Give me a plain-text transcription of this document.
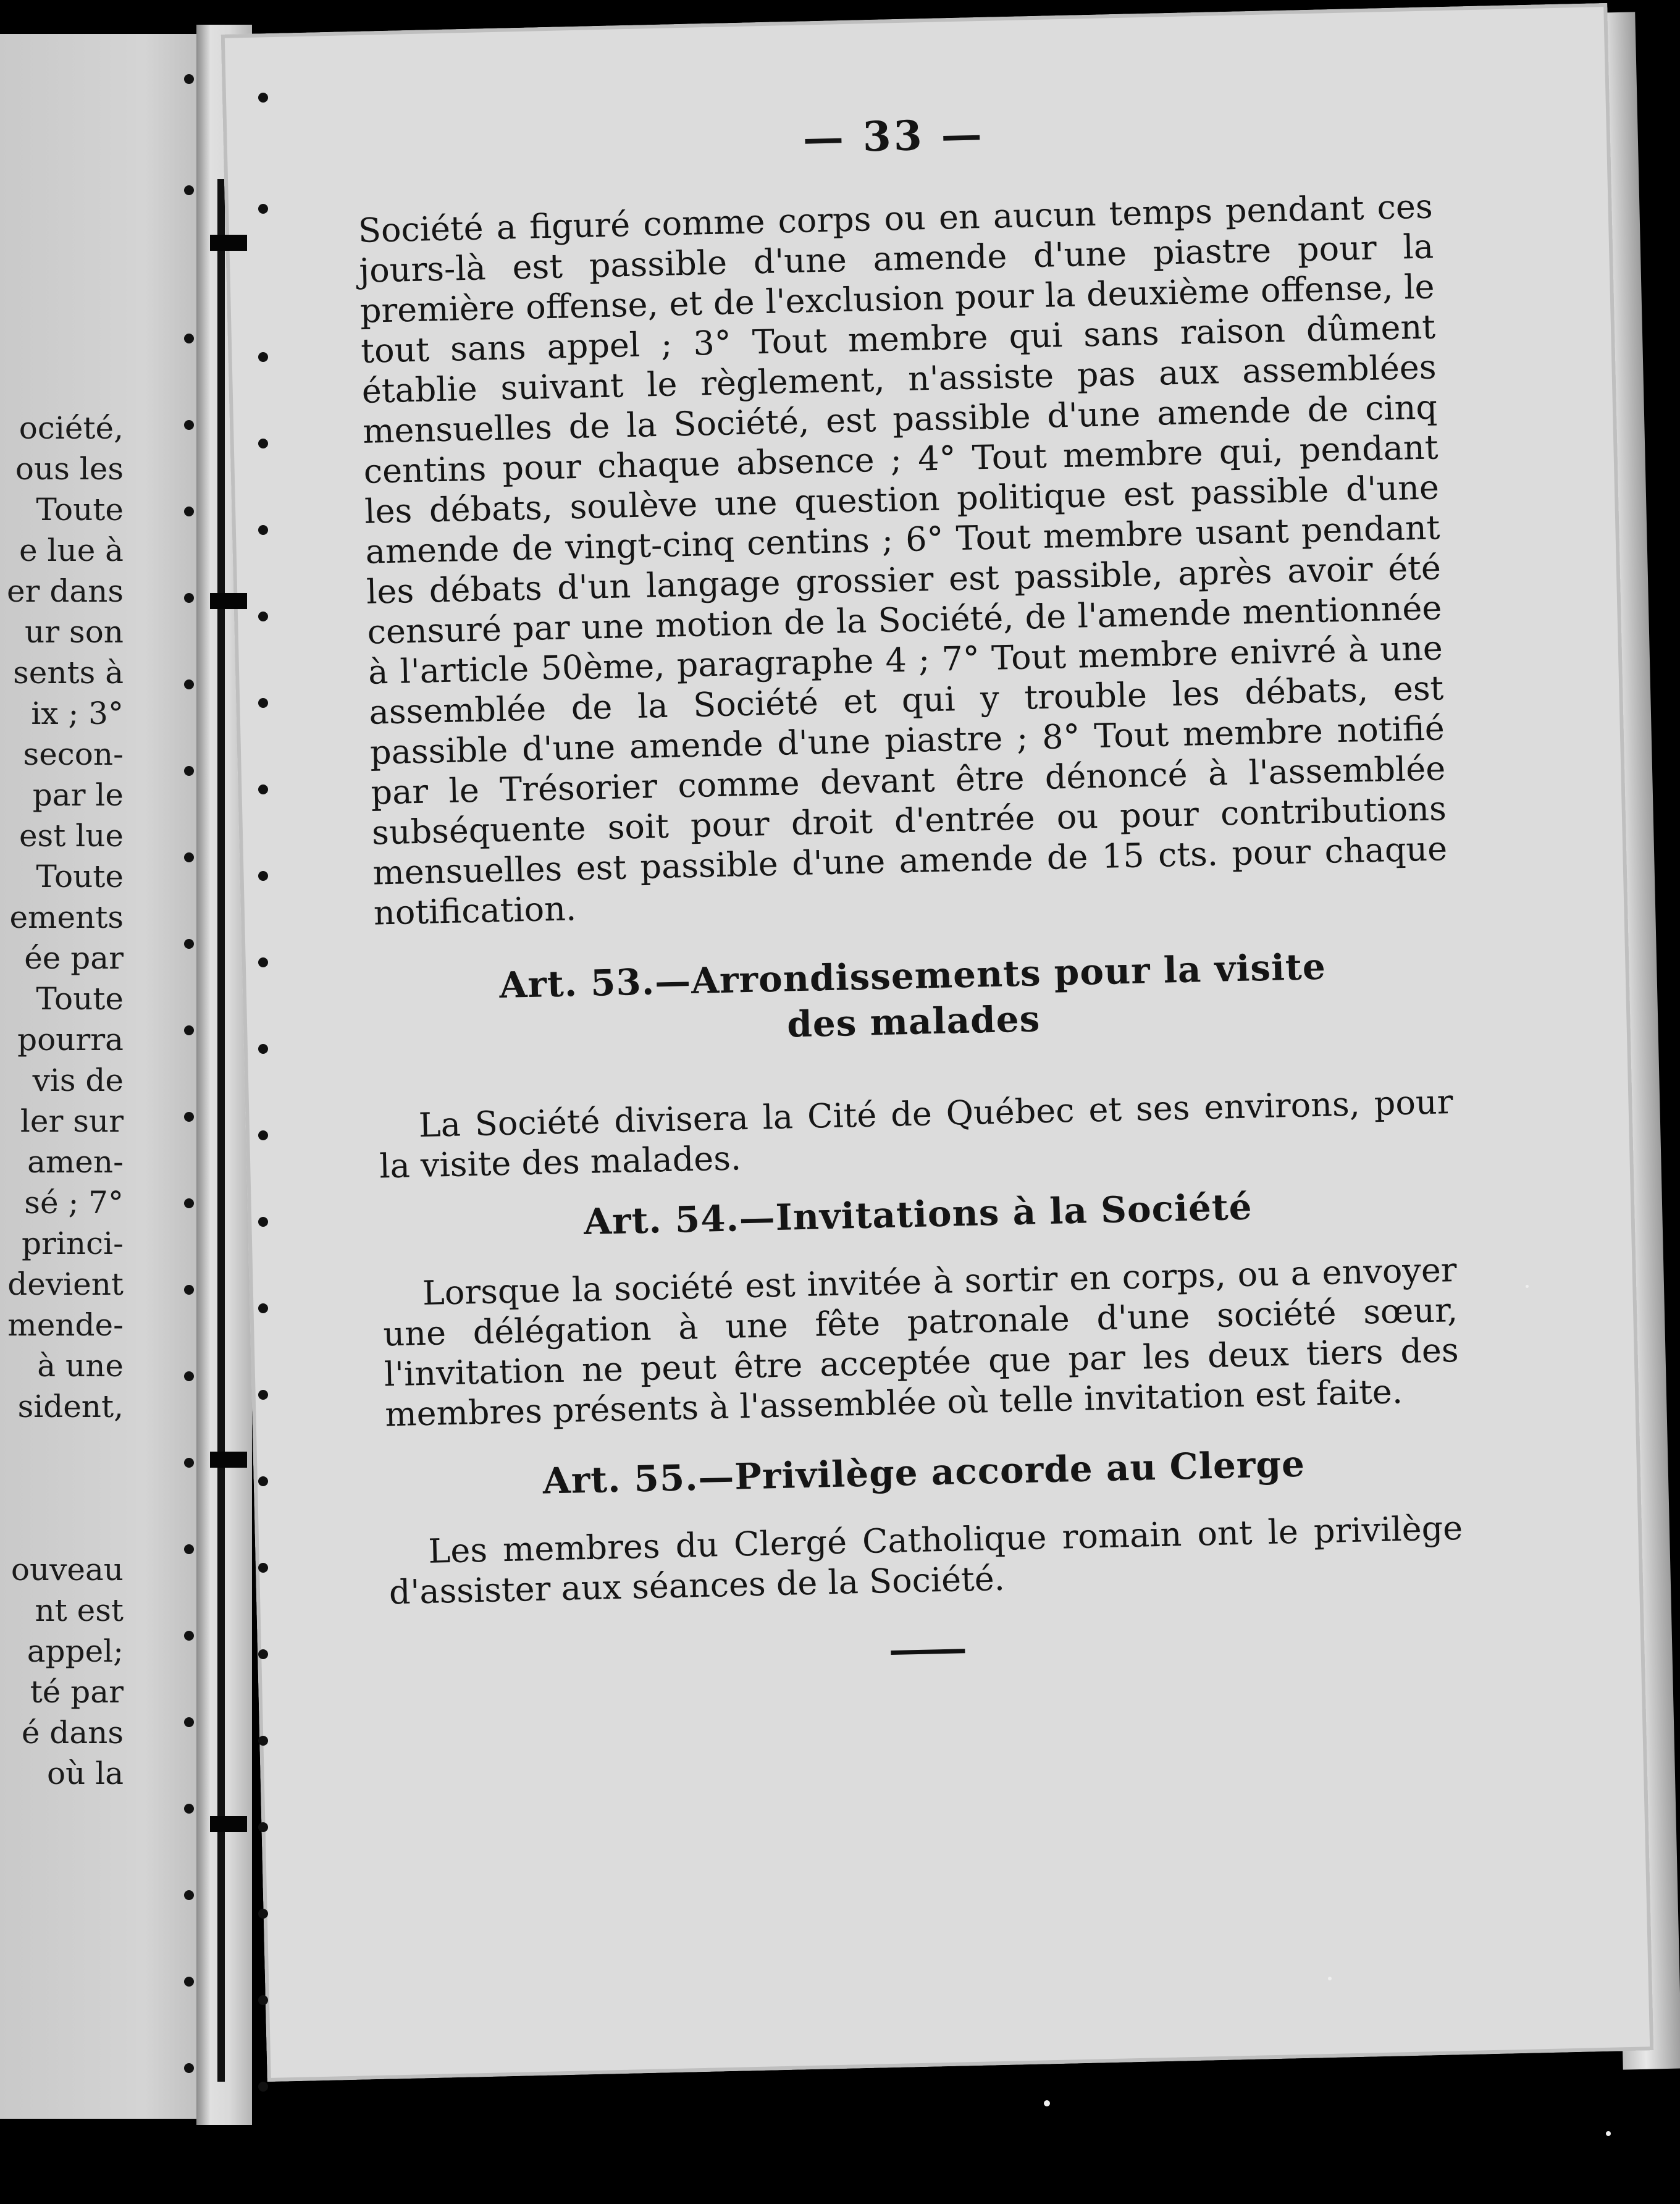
ociété,
ous les
Toute
e lue à
er dans
ur son
sents à
ix ; 3°
secon-
par le
est lue
Toute
ements
ée par
Toute
pourra
vis de
ler sur
amen-
sé ; 7°
princi-
devient
mende-
à une
sident,
ouveau
nt est
appel;
té par
é dans
où la
— 33 —

Société a figuré comme corps ou en aucun temps pendant ces jours-là est passible d'une amende d'une piastre pour la première offense, et de l'exclusion pour la deuxième offense, le tout sans appel ; 3° Tout membre qui sans raison dûment établie suivant le règlement, n'assiste pas aux assemblées mensuelles de la Société, est passible d'une amende de cinq centins pour chaque absence ; 4° Tout membre qui, pendant les débats, soulève une question politique est passible d'une amende de vingt-cinq centins ; 6° Tout membre usant pendant les débats d'un langage grossier est passible, après avoir été censuré par une motion de la Société, de l'amende mentionnée à l'article 50ème, paragraphe 4 ; 7° Tout membre enivré à une assemblée de la Société et qui y trouble les débats, est passible d'une amende d'une piastre ; 8° Tout membre notifié par le Trésorier comme devant être dénoncé à l'assemblée subséquente soit pour droit d'entrée ou pour contributions mensuelles est passible d'une amende de 15 cts. pour chaque notification.

Art. 53.—Arrondissements pour la visite

des malades

La Société divisera la Cité de Québec et ses environs, pour la visite des malades.

Art. 54.—Invitations à la Société

Lorsque la société est invitée à sortir en corps, ou a envoyer une délégation à une fête patronale d'une société sœur, l'invitation ne peut être acceptée que par les deux tiers des membres présents à l'assemblée où telle invitation est faite.

Art. 55.—Privilège accorde au Clerge

Les membres du Clergé Catholique romain ont le privilège d'assister aux séances de la Société.
